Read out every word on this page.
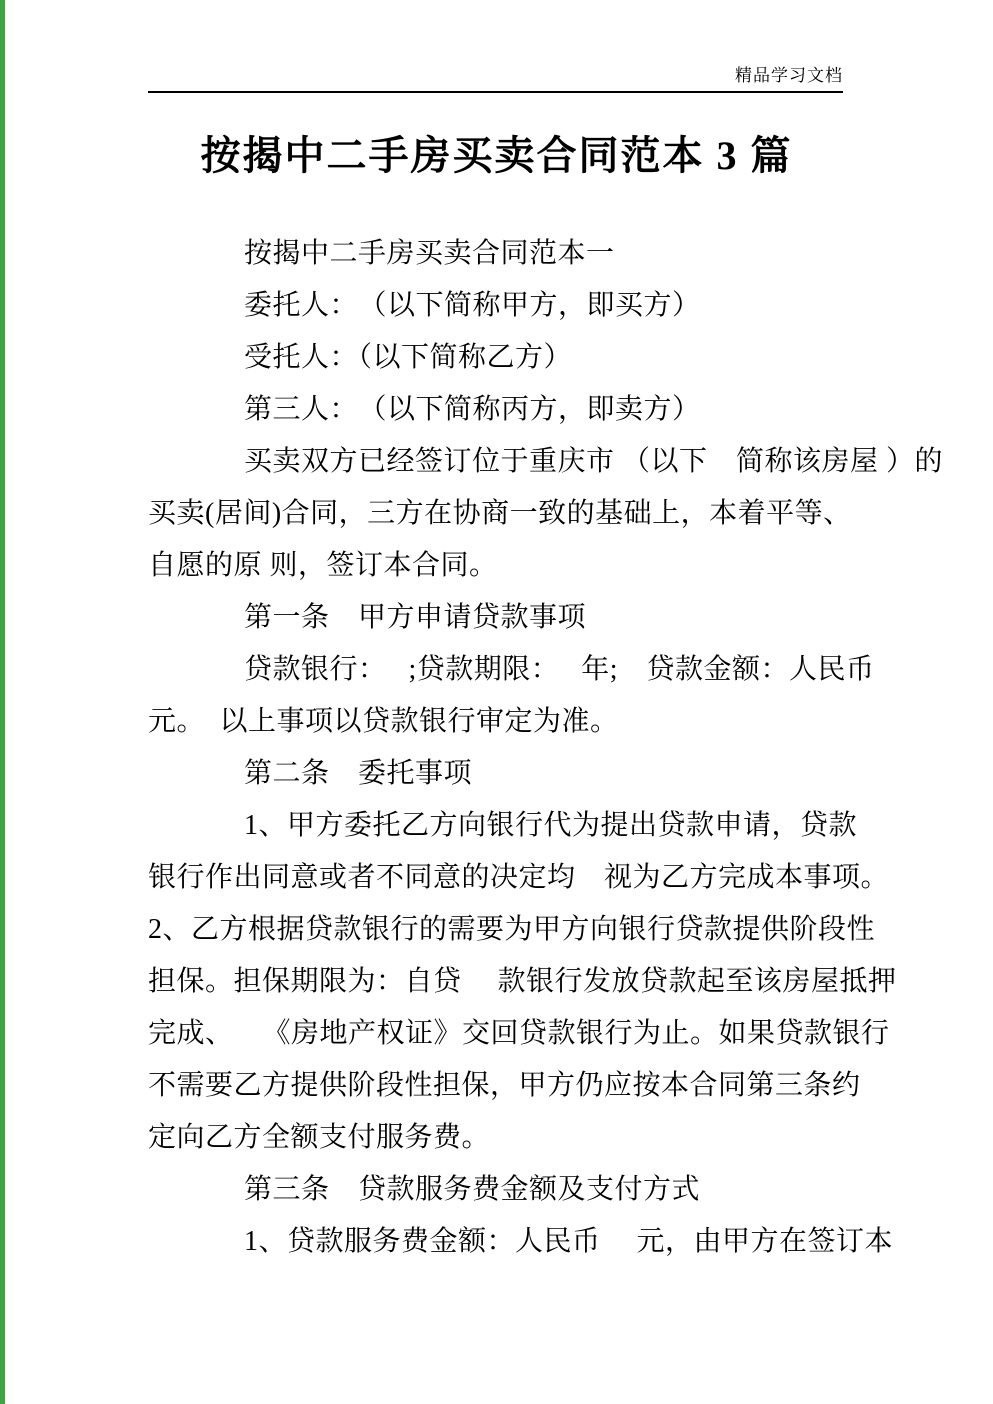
精品学习文档
按揭中二手房买卖合同范本 3 篇
按揭中二手房买卖合同范本一
委托人：　（以下简称甲方，即买方）
受托人：（以下简称乙方）
第三人：　（以下简称丙方，即卖方）
买卖双方已经签订位于重庆市 （以下　简称该房屋 ）的
买卖(居间)合同，三方在协商一致的基础上，本着平等、
自愿的原 则，签订本合同。
第一条　甲方申请贷款事项
贷款银行：　 ;贷款期限：　 年;　贷款金额：人民币
元。　以上事项以贷款银行审定为准。
第二条　委托事项
1、甲方委托乙方向银行代为提出贷款申请，贷款
银行作出同意或者不同意的决定均　视为乙方完成本事项。
2、乙方根据贷款银行的需要为甲方向银行贷款提供阶段性
担保。担保期限为：自贷　 款银行发放贷款起至该房屋抵押
完成、　　《房地产权证》交回贷款银行为止。如果贷款银行
不需要乙方提供阶段性担保，甲方仍应按本合同第三条约
定向乙方全额支付服务费。
第三条　贷款服务费金额及支付方式
1、贷款服务费金额：人民币　 元，由甲方在签订本
